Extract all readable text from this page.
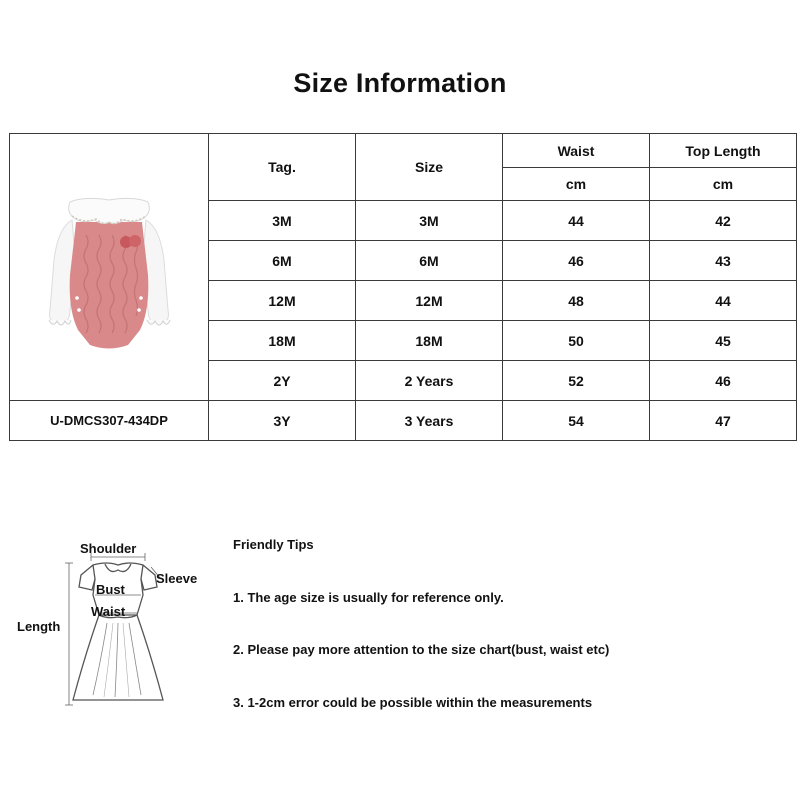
Size Information
	Tag.	Size	Waist	Top Length
			cm	cm
	3M	3M	44	42
	6M	6M	46	43
	12M	12M	48	44
	18M	18M	50	45
	2Y	2 Years	52	46
U-DMCS307-434DP	3Y	3 Years	54	47
Shoulder
Sleeve
Bust
Waist
Length
Friendly Tips
1. The age size is usually for reference only.
2. Please pay more attention to the size chart(bust, waist etc)
3. 1-2cm error could be possible within the measurements
